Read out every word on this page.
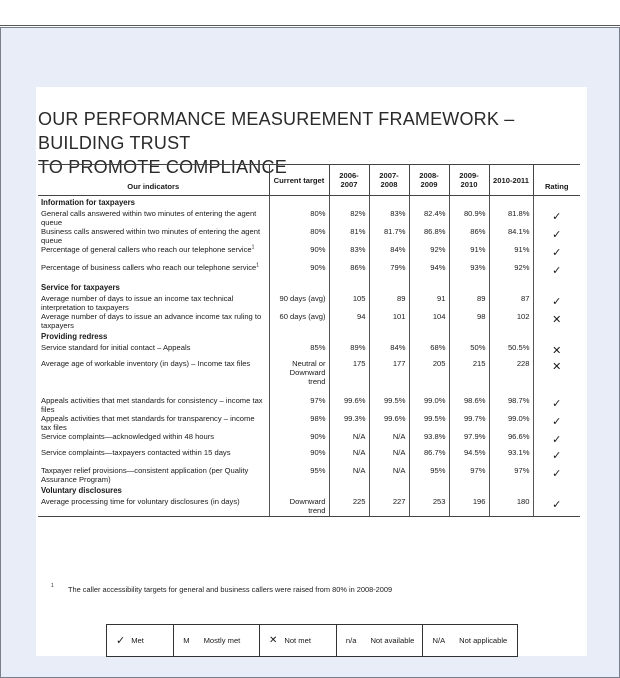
OUR PERFORMANCE MEASUREMENT FRAMEWORK – BUILDING TRUST
TO PROMOTE COMPLIANCE
Our indicators	Current target	2006-2007	2007-2008	2008-2009	2009-2010	2010-2011	Rating
Information for taxpayers							
General calls answered within two minutes of entering the agent queue	80%	82%	83%	82.4%	80.9%	81.8%	✓
Business calls answered within two minutes of entering the agent queue	80%	81%	81.7%	86.8%	86%	84.1%	✓
Percentage of general callers who reach our telephone service$^1$	90%	83%	84%	92%	91%	91%	✓
Percentage of business callers who reach our telephone service$^1$	90%	86%	79%	94%	93%	92%	✓
Service for taxpayers							
Average number of days to issue an income tax technical interpretation to taxpayers	90 days (avg)	105	89	91	89	87	✓
Average number of days to issue an advance income tax ruling to taxpayers	60 days (avg)	94	101	104	98	102	✕
Providing redress							
Service standard for initial contact – Appeals	85%	89%	84%	68%	50%	50.5%	✕
Average age of workable inventory (in days) – Income tax files	Neutral or Downward trend	175	177	205	215	228	✕
Appeals activities that met standards for consistency – income tax files	97%	99.6%	99.5%	99.0%	98.6%	98.7%	✓
Appeals activities that met standards for transparency – income tax files	98%	99.3%	99.6%	99.5%	99.7%	99.0%	✓
Service complaints—acknowledged within 48 hours	90%	N/A	N/A	93.8%	97.9%	96.6%	✓
Service complaints—taxpayers contacted within 15 days	90%	N/A	N/A	86.7%	94.5%	93.1%	✓
Taxpayer relief provisions—consistent application (per Quality Assurance Program)	95%	N/A	N/A	95%	97%	97%	✓
Voluntary disclosures							
Average processing time for voluntary disclosures (in days)	Downward trend	225	227	253	196	180	✓
1 The caller accessibility targets for general and business callers were raised from 80% in 2008-2009
✓ Met	M Mostly met	✕ Not met	n/a Not available N/A Not applicable
